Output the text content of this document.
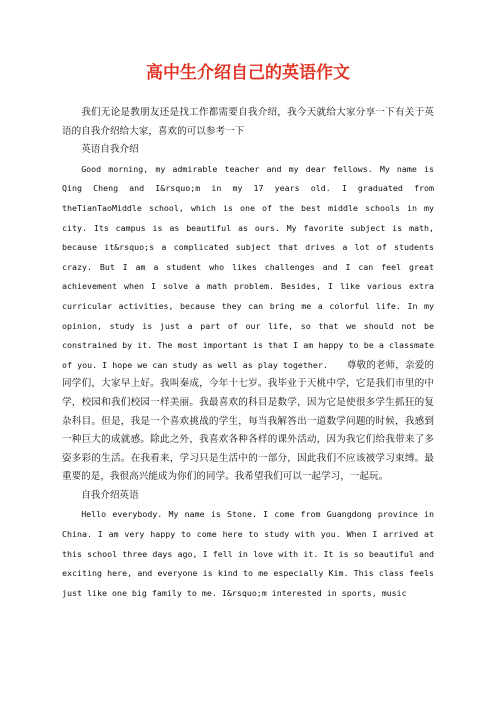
高中生介绍自己的英语作文

我们无论是教朋友还是找工作都需要自我介绍，我今天就给大家分享一下有关于英语的自我介绍给大家，喜欢的可以参考一下

英语自我介绍

Good morning, my admirable teacher and my dear fellows. My name is Qing Cheng and I&rsquo;m in my 17 years old. I graduated from theTianTaoMiddle school, which is one of the best middle schools in my city. Its campus is as beautiful as ours. My favorite subject is math, because it&rsquo;s a complicated subject that drives a lot of students crazy. But I am a student who likes challenges and I can feel great achievement when I solve a math problem. Besides, I like various extra curricular activities, because they can bring me a colorful life. In my opinion, study is just a part of our life, so that we should not be constrained by it. The most important is that I am happy to be a classmate of you. I hope we can study as well as play together. 尊敬的老师，亲爱的同学们，大家早上好。我叫秦成，今年十七岁。我毕业于天桃中学，它是我们市里的中学，校园和我们校园一样美丽。我最喜欢的科目是数学，因为它是使很多学生抓狂的复杂科目。但是，我是一个喜欢挑战的学生，每当我解答出一道数学问题的时候，我感到一种巨大的成就感。除此之外，我喜欢各种各样的课外活动，因为我它们给我带来了多姿多彩的生活。在我看来，学习只是生活中的一部分，因此我们不应该被学习束缚。最重要的是，我很高兴能成为你们的同学。我希望我们可以一起学习，一起玩。

自我介绍英语

Hello everybody. My name is Stone. I come from Guangdong province in China. I am very happy to come here to study with you. When I arrived at this school three days ago, I fell in love with it. It is so beautiful and exciting here, and everyone is kind to me especially Kim. This class feels just like one big family to me. I&rsquo;m interested in sports, music
